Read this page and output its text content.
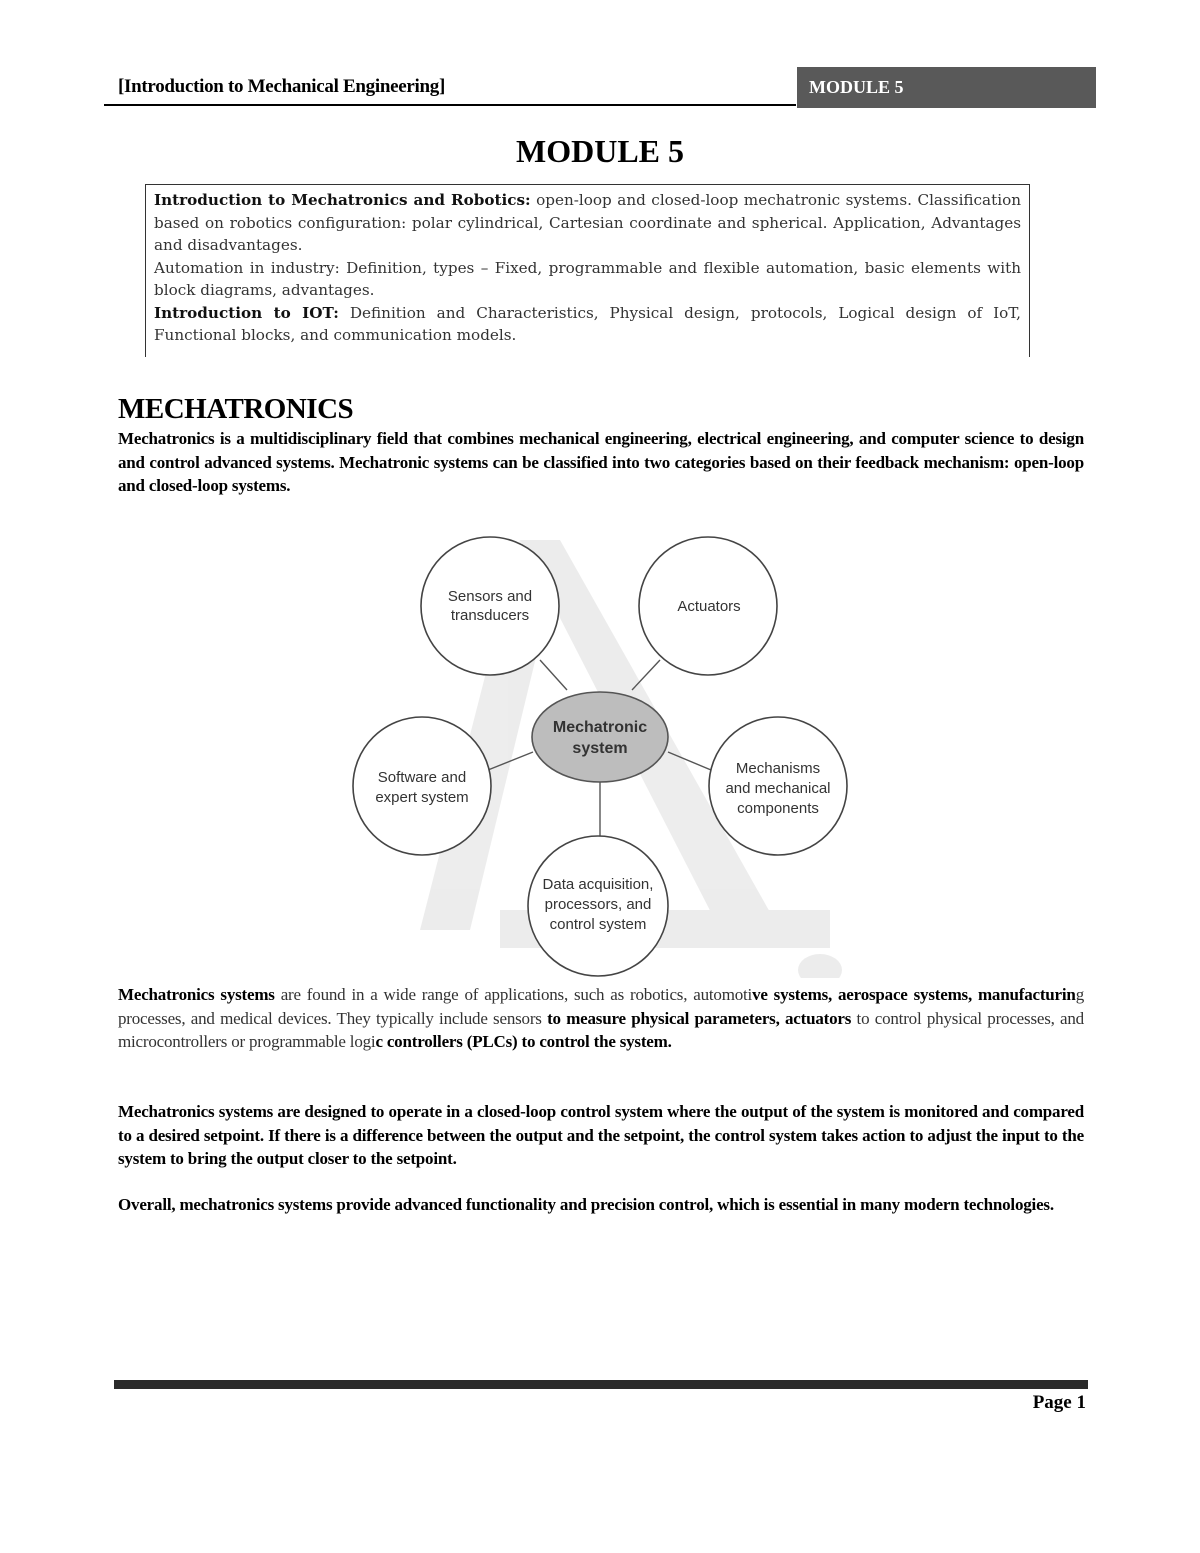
[Introduction to Mechanical Engineering]	MODULE 5
MODULE 5

Introduction to Mechatronics and Robotics: open-loop and closed-loop mechatronic systems. Classification based on robotics configuration: polar cylindrical, Cartesian coordinate and spherical. Application, Advantages and disadvantages.

Automation in industry: Definition, types – Fixed, programmable and flexible automation, basic elements with block diagrams, advantages.

Introduction to IOT: Definition and Characteristics, Physical design, protocols, Logical design of IoT, Functional blocks, and communication models.

MECHATRONICS

Mechatronics is a multidisciplinary field that combines mechanical engineering, electrical engineering, and computer science to design and control advanced systems. Mechatronic systems can be classified into two categories based on their feedback mechanism: open-loop and closed-loop systems.

Mechatronic
system
Sensors and
transducers
Actuators
Software and
expert system
Mechanisms
and mechanical
components
Data acquisition,
processors, and
control system

Mechatronics systems are found in a wide range of applications, such as robotics, automotive systems, aerospace systems, manufacturing processes, and medical devices. They typically include sensors to measure physical parameters, actuators to control physical processes, and microcontrollers or programmable logic controllers (PLCs) to control the system.

Mechatronics systems are designed to operate in a closed-loop control system where the output of the system is monitored and compared to a desired setpoint. If there is a difference between the output and the setpoint, the control system takes action to adjust the input to the system to bring the output closer to the setpoint.

Overall, mechatronics systems provide advanced functionality and precision control, which is essential in many modern technologies.

Page 1
